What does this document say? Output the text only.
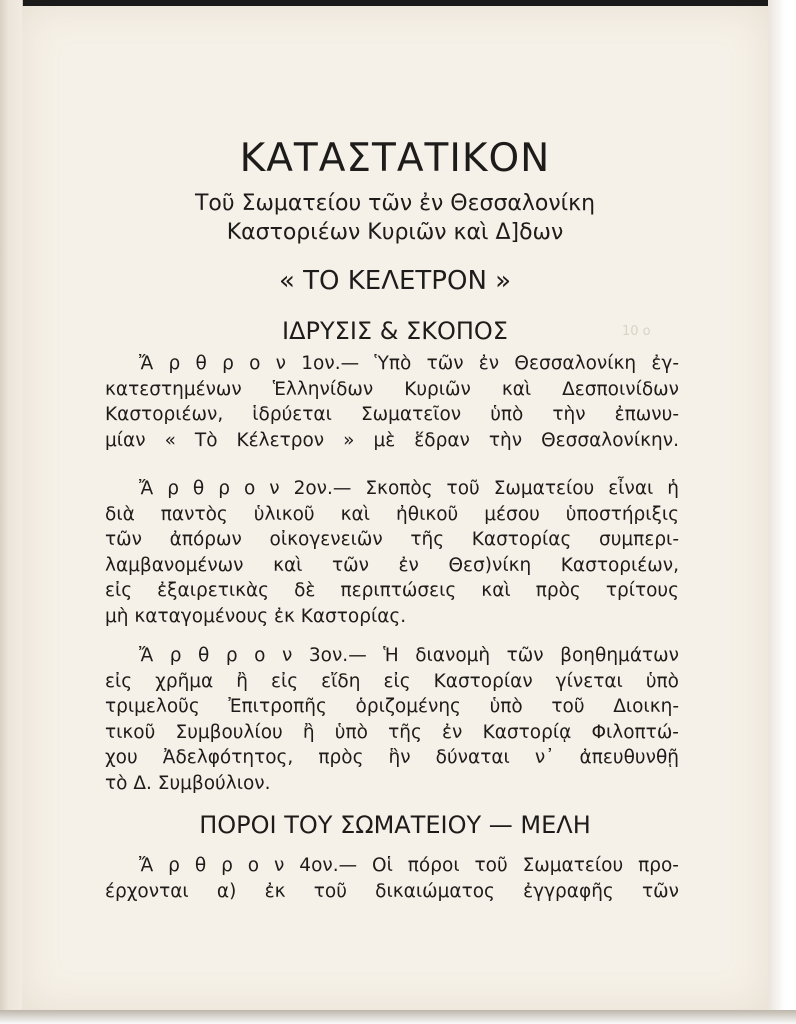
ΚΑΤΑΣΤΑΤΙΚΟΝ
Τοῦ Σωματείου τῶν ἐν Θεσσαλονίκη
Καστοριέων Κυριῶν καὶ Δ]δων
« ΤΟ ΚΕΛΕΤΡΟΝ »
ΙΔΡΥΣΙΣ & ΣΚΟΠΟΣ	10 ο
Ἄ ρ θ ρ ο ν 1ον.— Ὑπὸ τῶν ἐν Θεσσαλονίκη ἐγ-
κατεστημένων Ἑλληνίδων Κυριῶν καὶ Δεσποινίδων
Καστοριέων, ἱδρύεται Σωματεῖον ὑπὸ τὴν ἐπωνυ-
μίαν « Τὸ Κέλετρον » μὲ ἕδραν τὴν Θεσσαλονίκην.
Ἄ ρ θ ρ ο ν 2ον.— Σκοπὸς τοῦ Σωματείου εἶναι ἡ
διὰ παντὸς ὑλικοῦ καὶ ἠθικοῦ μέσου ὑποστήριξις
τῶν ἀπόρων οἰκογενειῶν τῆς Καστορίας συμπερι-
λαμβανομένων καὶ τῶν ἐν Θεσ)νίκη Καστοριέων,
εἰς ἐξαιρετικὰς δὲ περιπτώσεις καὶ πρὸς τρίτους
μὴ καταγομένους ἐκ Καστορίας.
Ἄ ρ θ ρ ο ν 3ον.— Ἡ διανομὴ τῶν βοηθημάτων
εἰς χρῆμα ἢ εἰς εἴδη εἰς Καστορίαν γίνεται ὑπὸ
τριμελοῦς Ἐπιτροπῆς ὁριζομένης ὑπὸ τοῦ Διοικη-
τικοῦ Συμβουλίου ἢ ὑπὸ τῆς ἐν Καστορίᾳ Φιλοπτώ-
χου Ἀδελφότητος, πρὸς ἣν δύναται ν᾽ ἀπευθυνθῇ
τὸ Δ. Συμβούλιον.
ΠΟΡΟΙ ΤΟΥ ΣΩΜΑΤΕΙΟΥ — ΜΕΛΗ
Ἄ ρ θ ρ ο ν 4ον.— Οἱ πόροι τοῦ Σωματείου προ-
έρχονται α) ἐκ τοῦ δικαιώματος ἐγγραφῆς τῶν
